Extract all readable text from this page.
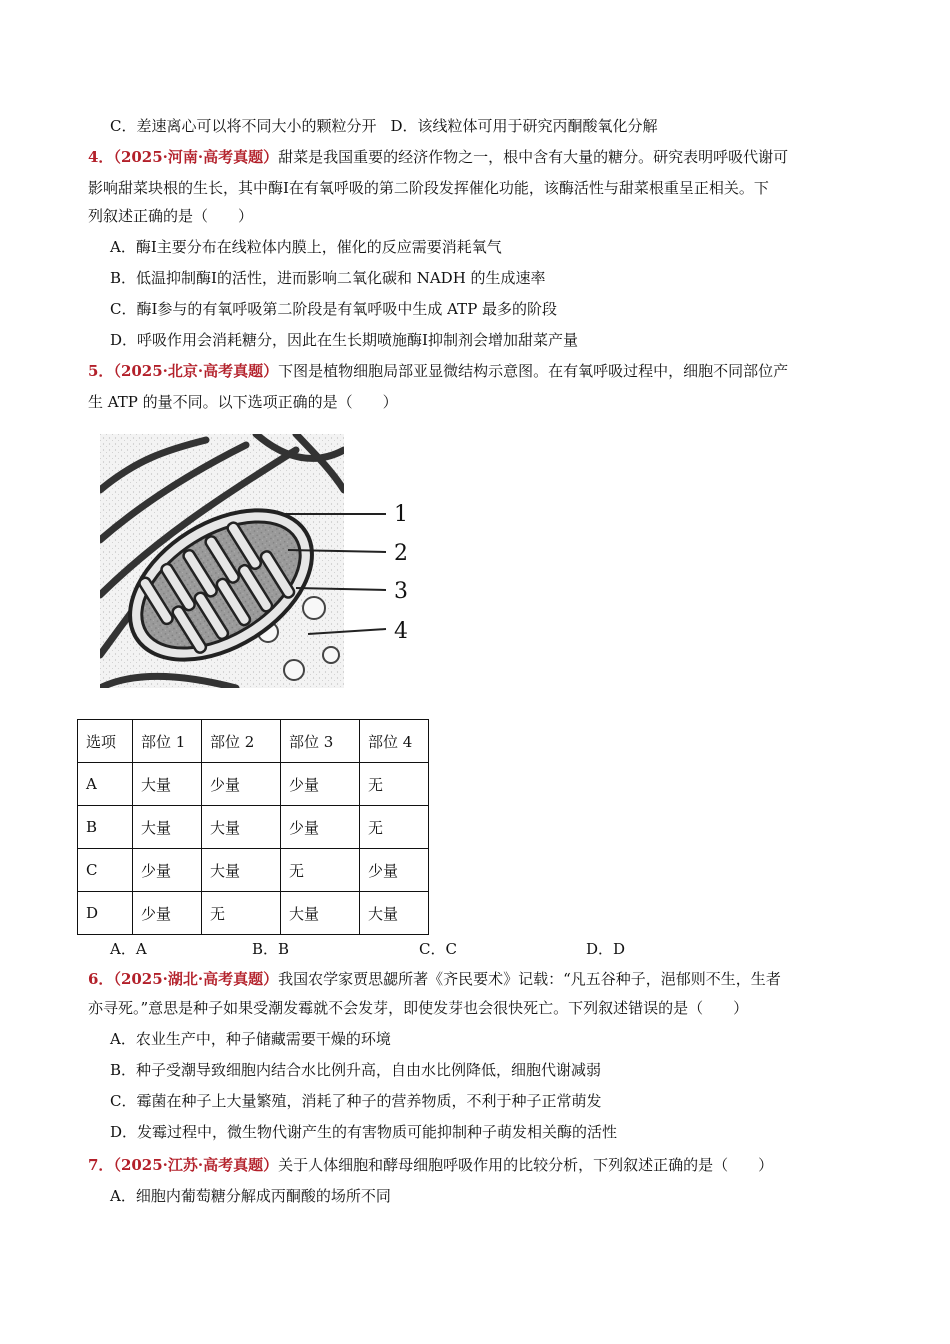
C．差速离心可以将不同大小的颗粒分开 D．该线粒体可用于研究丙酮酸氧化分解
4．（2025·河南·高考真题）甜菜是我国重要的经济作物之一，根中含有大量的糖分。研究表明呼吸代谢可
影响甜菜块根的生长，其中酶Ⅰ在有氧呼吸的第二阶段发挥催化功能，该酶活性与甜菜根重呈正相关。下
列叙述正确的是（　　）
A．酶Ⅰ主要分布在线粒体内膜上，催化的反应需要消耗氧气
B．低温抑制酶Ⅰ的活性，进而影响二氧化碳和 NADH 的生成速率
C．酶Ⅰ参与的有氧呼吸第二阶段是有氧呼吸中生成 ATP 最多的阶段
D．呼吸作用会消耗糖分，因此在生长期喷施酶Ⅰ抑制剂会增加甜菜产量
5．（2025·北京·高考真题）下图是植物细胞局部亚显微结构示意图。在有氧呼吸过程中，细胞不同部位产
生 ATP 的量不同。以下选项正确的是（　　）
1
2
3
4
选项	部位 1	部位 2	部位 3	部位 4
A	大量	少量	少量	无
B	大量	大量	少量	无
C	少量	大量	无	少量
D	少量	无	大量	大量
A．A	B．B	C．C	D．D
6．（2025·湖北·高考真题）我国农学家贾思勰所著《齐民要术》记载：“凡五谷种子，浥郁则不生，生者
亦寻死。”意思是种子如果受潮发霉就不会发芽，即使发芽也会很快死亡。下列叙述错误的是（　　）
A．农业生产中，种子储藏需要干燥的环境
B．种子受潮导致细胞内结合水比例升高，自由水比例降低，细胞代谢减弱
C．霉菌在种子上大量繁殖，消耗了种子的营养物质，不利于种子正常萌发
D．发霉过程中，微生物代谢产生的有害物质可能抑制种子萌发相关酶的活性
7．（2025·江苏·高考真题）关于人体细胞和酵母细胞呼吸作用的比较分析，下列叙述正确的是（　　）
A．细胞内葡萄糖分解成丙酮酸的场所不同
